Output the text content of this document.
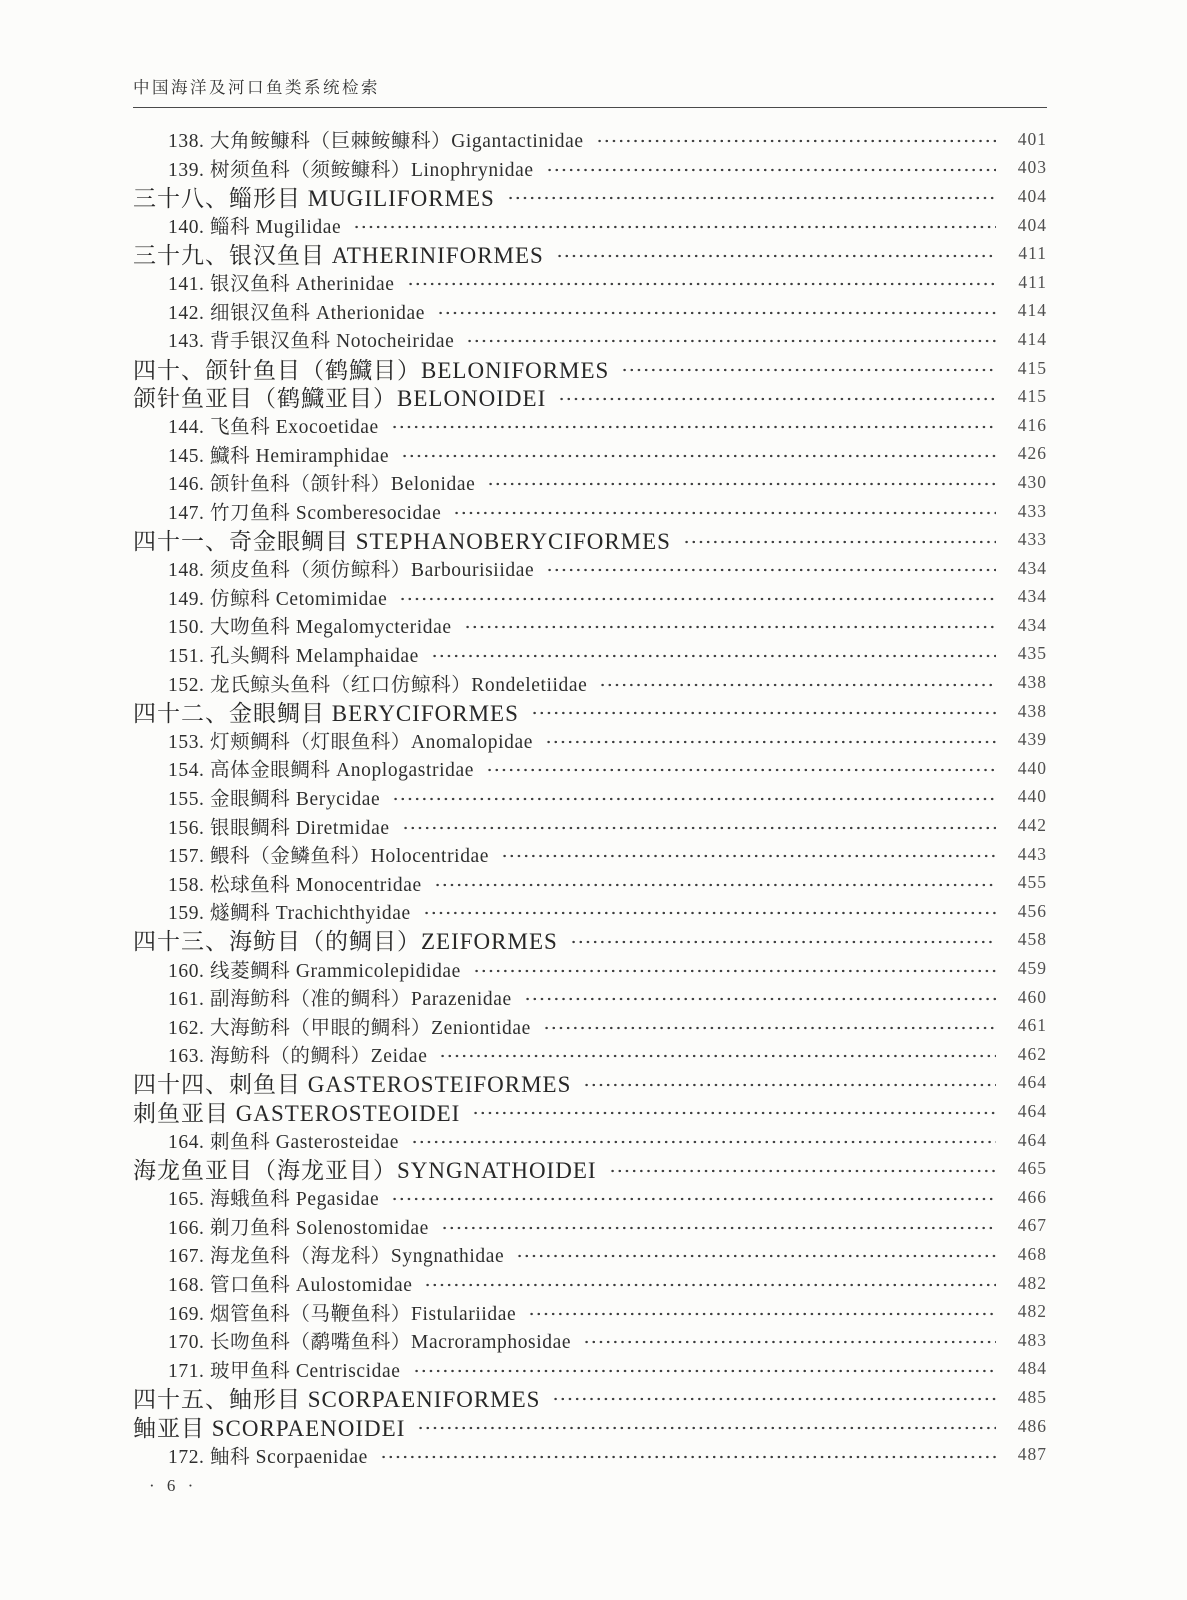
中国海洋及河口鱼类系统检索
138. 大角𩽾𩾌科（巨棘𩽾𩾌科）Gigantactinidae	401
139. 树须鱼科（须𩽾𩾌科）Linophrynidae	403
三十八、鲻形目 MUGILIFORMES	404
140. 鲻科 Mugilidae	404
三十九、银汉鱼目 ATHERINIFORMES	411
141. 银汉鱼科 Atherinidae	411
142. 细银汉鱼科 Atherionidae	414
143. 背手银汉鱼科 Notocheiridae	414
四十、颌针鱼目（鹤鱵目）BELONIFORMES	415
颌针鱼亚目（鹤鱵亚目）BELONOIDEI	415
144. 飞鱼科 Exocoetidae	416
145. 鱵科 Hemiramphidae	426
146. 颌针鱼科（颌针科）Belonidae	430
147. 竹刀鱼科 Scomberesocidae	433
四十一、奇金眼鲷目 STEPHANOBERYCIFORMES	433
148. 须皮鱼科（须仿鲸科）Barbourisiidae	434
149. 仿鲸科 Cetomimidae	434
150. 大吻鱼科 Megalomycteridae	434
151. 孔头鲷科 Melamphaidae	435
152. 龙氏鲸头鱼科（红口仿鲸科）Rondeletiidae	438
四十二、金眼鲷目 BERYCIFORMES	438
153. 灯颊鲷科（灯眼鱼科）Anomalopidae	439
154. 高体金眼鲷科 Anoplogastridae	440
155. 金眼鲷科 Berycidae	440
156. 银眼鲷科 Diretmidae	442
157. 鳂科（金鳞鱼科）Holocentridae	443
158. 松球鱼科 Monocentridae	455
159. 燧鲷科 Trachichthyidae	456
四十三、海鲂目（的鲷目）ZEIFORMES	458
160. 线菱鲷科 Grammicolepididae	459
161. 副海鲂科（准的鲷科）Parazenidae	460
162. 大海鲂科（甲眼的鲷科）Zeniontidae	461
163. 海鲂科（的鲷科）Zeidae	462
四十四、刺鱼目 GASTEROSTEIFORMES	464
刺鱼亚目 GASTEROSTEOIDEI	464
164. 刺鱼科 Gasterosteidae	464
海龙鱼亚目（海龙亚目）SYNGNATHOIDEI	465
165. 海蛾鱼科 Pegasidae	466
166. 剃刀鱼科 Solenostomidae	467
167. 海龙鱼科（海龙科）Syngnathidae	468
168. 管口鱼科 Aulostomidae	482
169. 烟管鱼科（马鞭鱼科）Fistulariidae	482
170. 长吻鱼科（鹬嘴鱼科）Macroramphosidae	483
171. 玻甲鱼科 Centriscidae	484
四十五、鲉形目 SCORPAENIFORMES	485
鲉亚目 SCORPAENOIDEI	486
172. 鲉科 Scorpaenidae	487
· 6 ·
